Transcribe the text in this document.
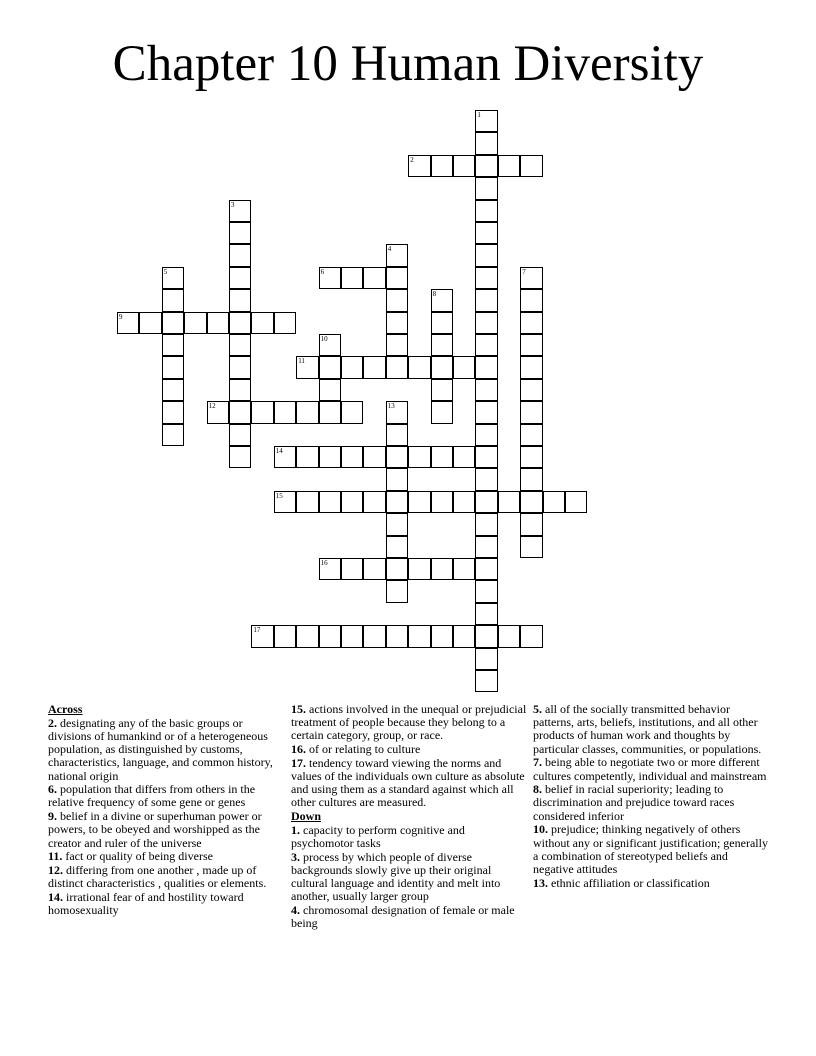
Chapter 10 Human Diversity
1
2
3
4
5	6	7
8
9
10
11
12	13
14
15
16
17

Across

2. designating any of the basic groups or divisions of humankind or of a heterogeneous population, as distinguished by customs, characteristics, language, and common history, national origin

6. population that differs from others in the relative frequency of some gene or genes

9. belief in a divine or superhuman power or powers, to be obeyed and worshipped as the creator and ruler of the universe

11. fact or quality of being diverse

12. differing from one another , made up of distinct characteristics , qualities or elements.

14. irrational fear of and hostility toward homosexuality

15. actions involved in the unequal or prejudicial treatment of people because they belong to a certain category, group, or race.

16. of or relating to culture

17. tendency toward viewing the norms and values of the individuals own culture as absolute and using them as a standard against which all other cultures are measured.

Down

1. capacity to perform cognitive and psychomotor tasks

3. process by which people of diverse backgrounds slowly give up their original cultural language and identity and melt into another, usually larger group

4. chromosomal designation of female or male being

5. all of the socially transmitted behavior patterns, arts, beliefs, institutions, and all other products of human work and thoughts by particular classes, communities, or populations.

7. being able to negotiate two or more different cultures competently, individual and mainstream

8. belief in racial superiority; leading to discrimination and prejudice toward races considered inferior

10. prejudice; thinking negatively of others without any or significant justification; generally a combination of stereotyped beliefs and negative attitudes

13. ethnic affiliation or classification
